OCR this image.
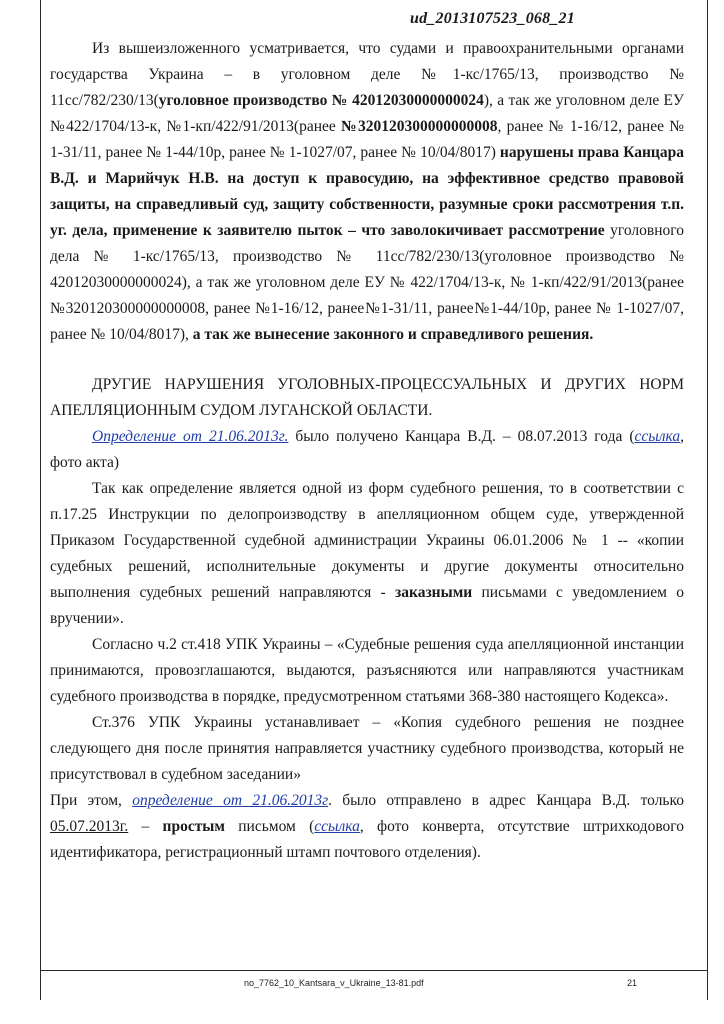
ud_2013107523_068_21

Из вышеизложенного усматривается, что судами и правоохранительными органами государства Украина – в уголовном деле №1-кс/1765/13, производство № 11сс/782/230/13(уголовное производство № 42012030000000024), а так же уголовном деле ЕУ №422/1704/13-к, №1-кп/422/91/2013(ранее №320120300000000008, ранее № 1-16/12, ранее № 1-31/11, ранее № 1-44/10р, ранее № 1-1027/07, ранее № 10/04/8017) нарушены права Канцара В.Д. и Марийчук Н.В. на доступ к правосудию, на эффективное средство правовой защиты, на справедливый суд, защиту собственности, разумные сроки рассмотрения т.п. уг. дела, применение к заявителю пыток – что заволокичивает рассмотрение уголовного дела № 1-кс/1765/13, производство № 11сс/782/230/13(уголовное производство № 42012030000000024), а так же уголовном деле ЕУ № 422/1704/13-к, № 1-кп/422/91/2013(ранее №320120300000000008, ранее №1-16/12, ранее№1-31/11, ранее№1-44/10р, ранее № 1-1027/07, ранее № 10/04/8017), а так же вынесение законного и справедливого решения.

ДРУГИЕ НАРУШЕНИЯ УГОЛОВНЫХ-ПРОЦЕССУАЛЬНЫХ И ДРУГИХ НОРМ АПЕЛЛЯЦИОННЫМ СУДОМ ЛУГАНСКОЙ ОБЛАСТИ.

Определение от 21.06.2013г. было получено Канцара В.Д. – 08.07.2013 года (ссылка, фото акта)

Так как определение является одной из форм судебного решения, то в соответствии с п.17.25 Инструкции по делопроизводству в апелляционном общем суде, утвержденной Приказом Государственной судебной администрации Украины 06.01.2006 № 1 -- «копии судебных решений, исполнительные документы и другие документы относительно выполнения судебных решений направляются - заказными письмами с уведомлением о вручении».

Согласно ч.2 ст.418 УПК Украины – «Судебные решения суда апелляционной инстанции принимаются, провозглашаются, выдаются, разъясняются или направляются участникам судебного производства в порядке, предусмотренном статьями 368-380 настоящего Кодекса».

Ст.376 УПК Украины устанавливает – «Копия судебного решения не позднее следующего дня после принятия направляется участнику судебного производства, который не присутствовал в судебном заседании»

При этом, определение от 21.06.2013г. было отправлено в адрес Канцара В.Д. только 05.07.2013г. – простым письмом (ссылка, фото конверта, отсутствие штрихкодового идентификатора, регистрационный штамп почтового отделения).

no_7762_10_Kantsara_v_Ukraine_13-81.pdf	21
